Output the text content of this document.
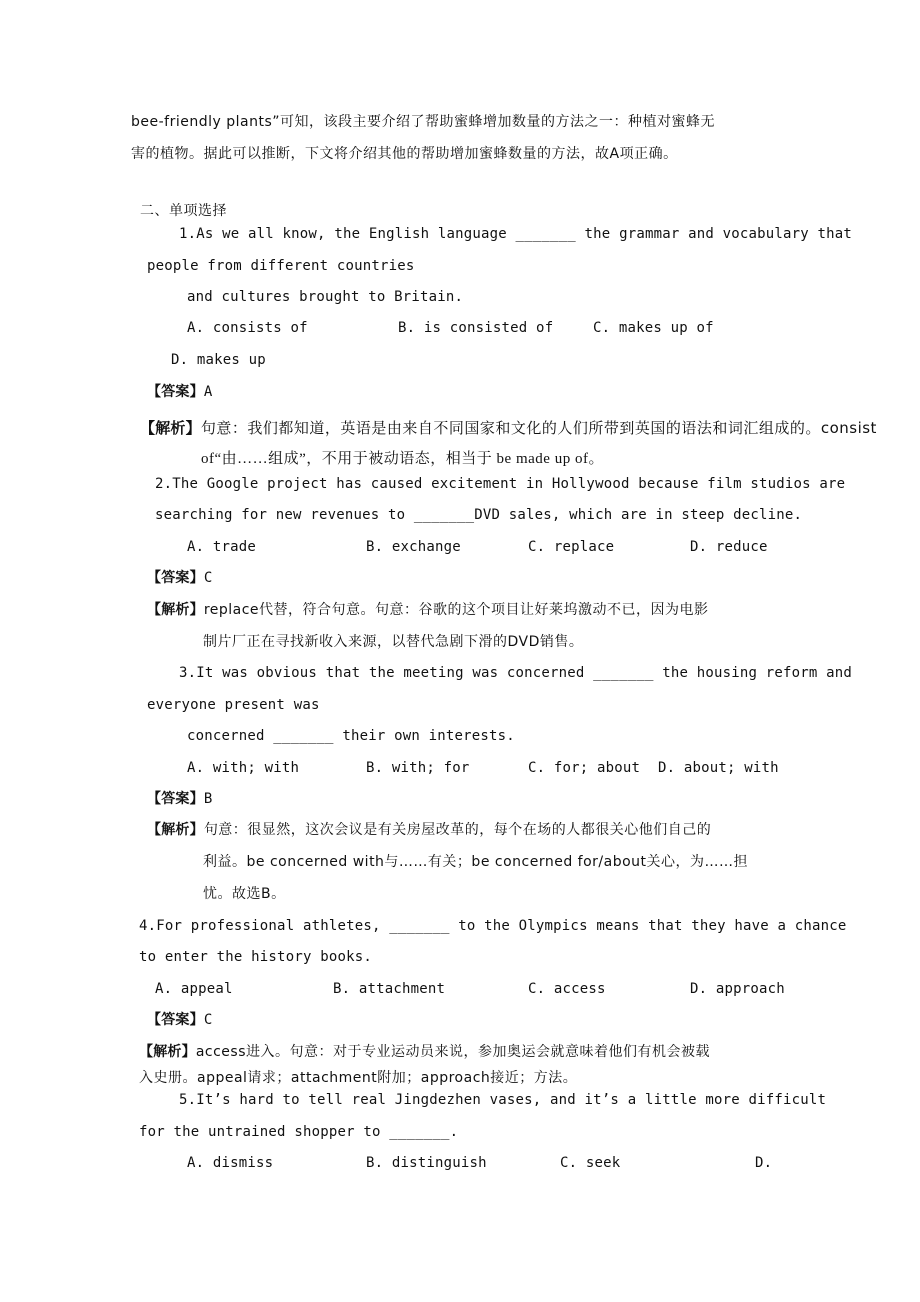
bee-friendly plants”可知，该段主要介绍了帮助蜜蜂增加数量的方法之一：种植对蜜蜂无

害的植物。据此可以推断，下文将介绍其他的帮助增加蜜蜂数量的方法，故A项正确。

二、单项选择

1.As we all know, the English language _______ the grammar and vocabulary that

people from different countries

and cultures brought to Britain.

A. consists of	B. is consisted of	C. makes up of

D. makes up

【答案】A

【解析】句意：我们都知道，英语是由来自不同国家和文化的人们所带到英国的语法和词汇组成的。consist

of“由……组成”，不用于被动语态，相当于 be made up of。

2.The Google project has caused excitement in Hollywood because film studios are

searching for new revenues to _______DVD sales, which are in steep decline.

A. trade	B. exchange	C. replace	D. reduce

【答案】C

【解析】replace代替，符合句意。句意：谷歌的这个项目让好莱坞激动不已，因为电影

制片厂正在寻找新收入来源，以替代急剧下滑的DVD销售。

3.It was obvious that the meeting was concerned _______ the housing reform and

everyone present was

concerned _______ their own interests.

A. with; with	B. with; for	C. for; about D. about; with

【答案】B

【解析】句意：很显然，这次会议是有关房屋改革的，每个在场的人都很关心他们自己的

利益。be concerned with与……有关；be concerned for/about关心，为……担

忧。故选B。

4.For professional athletes, _______ to the Olympics means that they have a chance

to enter the history books.

A. appeal	B. attachment	C. access	D. approach

【答案】C

【解析】access进入。句意：对于专业运动员来说，参加奥运会就意味着他们有机会被载

入史册。appeal请求；attachment附加；approach接近；方法。

5.It’s hard to tell real Jingdezhen vases, and it’s a little more difficult

for the untrained shopper to _______.

A. dismiss	B. distinguish	C. seek	D.
